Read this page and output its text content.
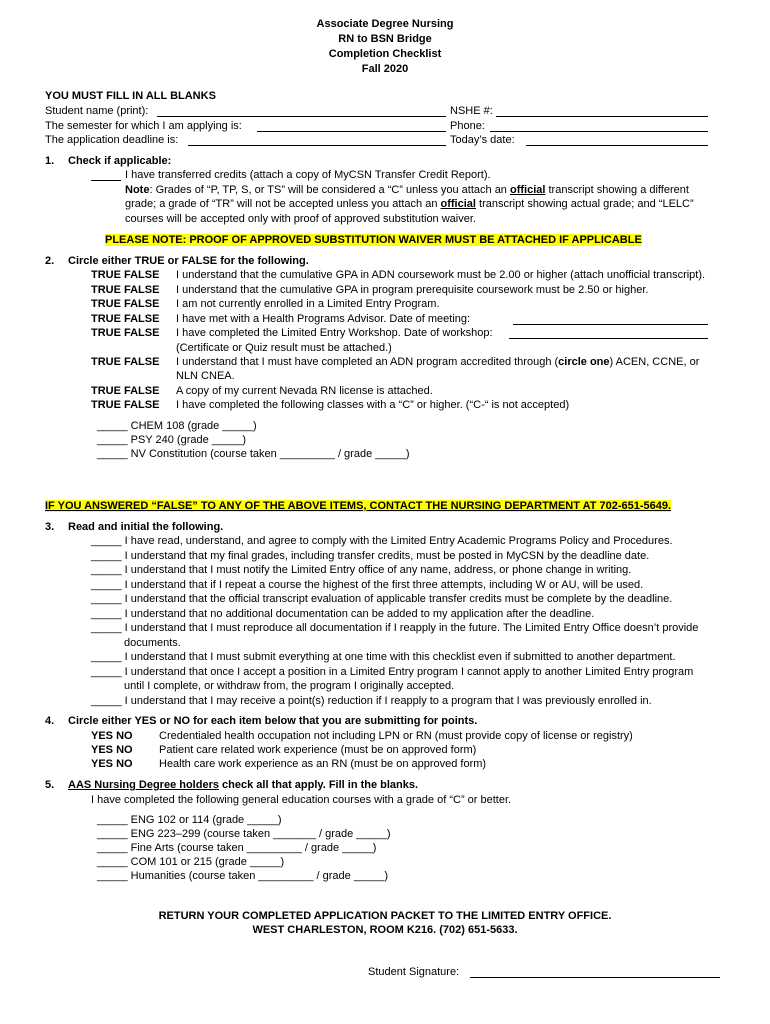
Associate Degree Nursing
RN to BSN Bridge
Completion Checklist
Fall 2020
YOU MUST FILL IN ALL BLANKS
Student name (print):	NSHE #:
The semester for which I am applying is:	Phone:
The application deadline is:	Today’s date:
1. Check if applicable:
I have transferred credits (attach a copy of MyCSN Transfer Credit Report).
Note: Grades of “P, TP, S, or TS” will be considered a “C” unless you attach an official transcript showing a different
grade; a grade of “TR” will not be accepted unless you attach an official transcript showing actual grade; and “LELC”
courses will be accepted only with proof of approved substitution waiver.
PLEASE NOTE: PROOF OF APPROVED SUBSTITUTION WAIVER MUST BE ATTACHED IF APPLICABLE
2. Circle either TRUE or FALSE for the following.
TRUE FALSE I understand that the cumulative GPA in ADN coursework must be 2.00 or higher (attach unofficial transcript).
TRUE FALSE I understand that the cumulative GPA in program prerequisite coursework must be 2.50 or higher.
TRUE FALSE I am not currently enrolled in a Limited Entry Program.
TRUE FALSE I have met with a Health Programs Advisor. Date of meeting:
TRUE FALSE I have completed the Limited Entry Workshop. Date of workshop:
(Certificate or Quiz result must be attached.)
TRUE FALSE I understand that I must have completed an ADN program accredited through (circle one) ACEN, CCNE, or
NLN CNEA.
TRUE FALSE A copy of my current Nevada RN license is attached.
TRUE FALSE I have completed the following classes with a “C” or higher. (“C-“ is not accepted)
_____ CHEM 108 (grade _____)
_____ PSY 240 (grade _____)
_____ NV Constitution (course taken _________ / grade _____)
IF YOU ANSWERED “FALSE” TO ANY OF THE ABOVE ITEMS, CONTACT THE NURSING DEPARTMENT AT 702-651-5649.
3. Read and initial the following.
_____ I have read, understand, and agree to comply with the Limited Entry Academic Programs Policy and Procedures.
_____ I understand that my final grades, including transfer credits, must be posted in MyCSN by the deadline date.
_____ I understand that I must notify the Limited Entry office of any name, address, or phone change in writing.
_____ I understand that if I repeat a course the highest of the first three attempts, including W or AU, will be used.
_____ I understand that the official transcript evaluation of applicable transfer credits must be complete by the deadline.
_____ I understand that no additional documentation can be added to my application after the deadline.
_____ I understand that I must reproduce all documentation if I reapply in the future. The Limited Entry Office doesn’t provide
documents.
_____ I understand that I must submit everything at one time with this checklist even if submitted to another department.
_____ I understand that once I accept a position in a Limited Entry program I cannot apply to another Limited Entry program
until I complete, or withdraw from, the program I originally accepted.
_____ I understand that I may receive a point(s) reduction if I reapply to a program that I was previously enrolled in.
4. Circle either YES or NO for each item below that you are submitting for points.
YES NO Credentialed health occupation not including LPN or RN (must provide copy of license or registry)
YES NO Patient care related work experience (must be on approved form)
YES NO Health care work experience as an RN (must be on approved form)
5. AAS Nursing Degree holders check all that apply. Fill in the blanks.
I have completed the following general education courses with a grade of “C” or better.
_____ ENG 102 or 114 (grade _____)
_____ ENG 223–299 (course taken _______ / grade _____)
_____ Fine Arts (course taken _________ / grade _____)
_____ COM 101 or 215 (grade _____)
_____ Humanities (course taken _________ / grade _____)
RETURN YOUR COMPLETED APPLICATION PACKET TO THE LIMITED ENTRY OFFICE.
WEST CHARLESTON, ROOM K216. (702) 651-5633.
Student Signature:
